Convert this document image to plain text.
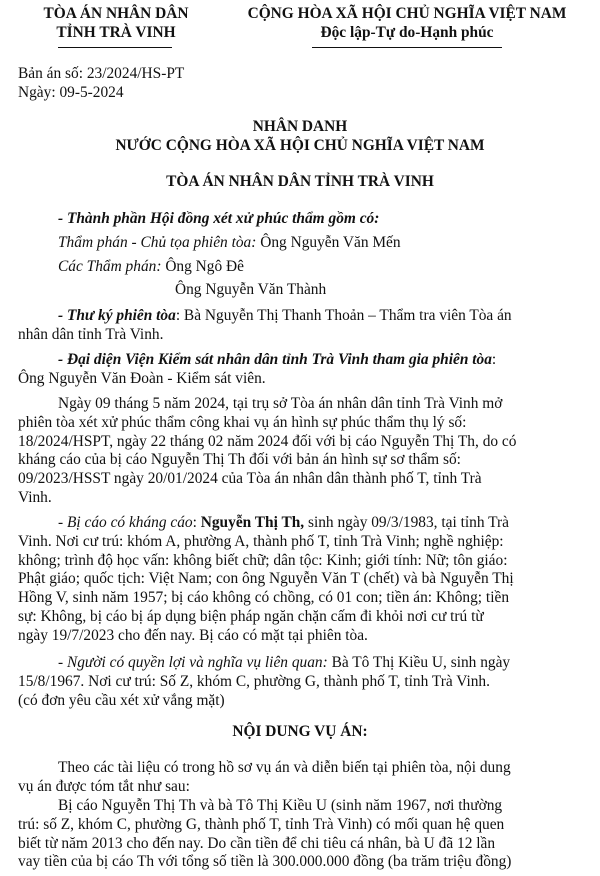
TÒA ÁN NHÂN DÂN
TỈNH TRÀ VINH
CỘNG HÒA XÃ HỘI CHỦ NGHĨA VIỆT NAM
Độc lập-Tự do-Hạnh phúc
Bản án số: 23/2024/HS-PT
Ngày: 09-5-2024
NHÂN DANH
NƯỚC CỘNG HÒA XÃ HỘI CHỦ NGHĨA VIỆT NAM
TÒA ÁN NHÂN DÂN TỈNH TRÀ VINH
- Thành phần Hội đồng xét xử phúc thẩm gồm có:
Thẩm phán - Chủ tọa phiên tòa: Ông Nguyễn Văn Mến
Các Thẩm phán: Ông Ngô Đê
Ông Nguyễn Văn Thành
- Thư ký phiên tòa: Bà Nguyễn Thị Thanh Thoản – Thẩm tra viên Tòa án
nhân dân tỉnh Trà Vinh.
- Đại diện Viện Kiểm sát nhân dân tỉnh Trà Vinh tham gia phiên tòa:
Ông Nguyễn Văn Đoàn - Kiểm sát viên.
Ngày 09 tháng 5 năm 2024, tại trụ sở Tòa án nhân dân tỉnh Trà Vinh mở
phiên tòa xét xử phúc thẩm công khai vụ án hình sự phúc thẩm thụ lý số:
18/2024/HSPT, ngày 22 tháng 02 năm 2024 đối với bị cáo Nguyễn Thị Th, do có
kháng cáo của bị cáo Nguyễn Thị Th đối với bản án hình sự sơ thẩm số:
09/2023/HSST ngày 20/01/2024 của Tòa án nhân dân thành phố T, tỉnh Trà
Vinh.
- Bị cáo có kháng cáo: Nguyễn Thị Th, sinh ngày 09/3/1983, tại tỉnh Trà
Vinh. Nơi cư trú: khóm A, phường A, thành phố T, tỉnh Trà Vinh; nghề nghiệp:
không; trình độ học vấn: không biết chữ; dân tộc: Kinh; giới tính: Nữ; tôn giáo:
Phật giáo; quốc tịch: Việt Nam; con ông Nguyễn Văn T (chết) và bà Nguyễn Thị
Hồng V, sinh năm 1957; bị cáo không có chồng, có 01 con; tiền án: Không; tiền
sự: Không, bị cáo bị áp dụng biện pháp ngăn chặn cấm đi khỏi nơi cư trú từ
ngày 19/7/2023 cho đến nay. Bị cáo có mặt tại phiên tòa.
- Người có quyền lợi và nghĩa vụ liên quan: Bà Tô Thị Kiều U, sinh ngày
15/8/1967. Nơi cư trú: Số Z, khóm C, phường G, thành phố T, tỉnh Trà Vinh.
(có đơn yêu cầu xét xử vắng mặt)
NỘI DUNG VỤ ÁN:
Theo các tài liệu có trong hồ sơ vụ án và diễn biến tại phiên tòa, nội dung
vụ án được tóm tắt như sau:
Bị cáo Nguyễn Thị Th và bà Tô Thị Kiều U (sinh năm 1967, nơi thường
trú: số Z, khóm C, phường G, thành phố T, tỉnh Trà Vinh) có mối quan hệ quen
biết từ năm 2013 cho đến nay. Do cần tiền để chi tiêu cá nhân, bà U đã 12 lần
vay tiền của bị cáo Th với tổng số tiền là 300.000.000 đồng (ba trăm triệu đồng)
